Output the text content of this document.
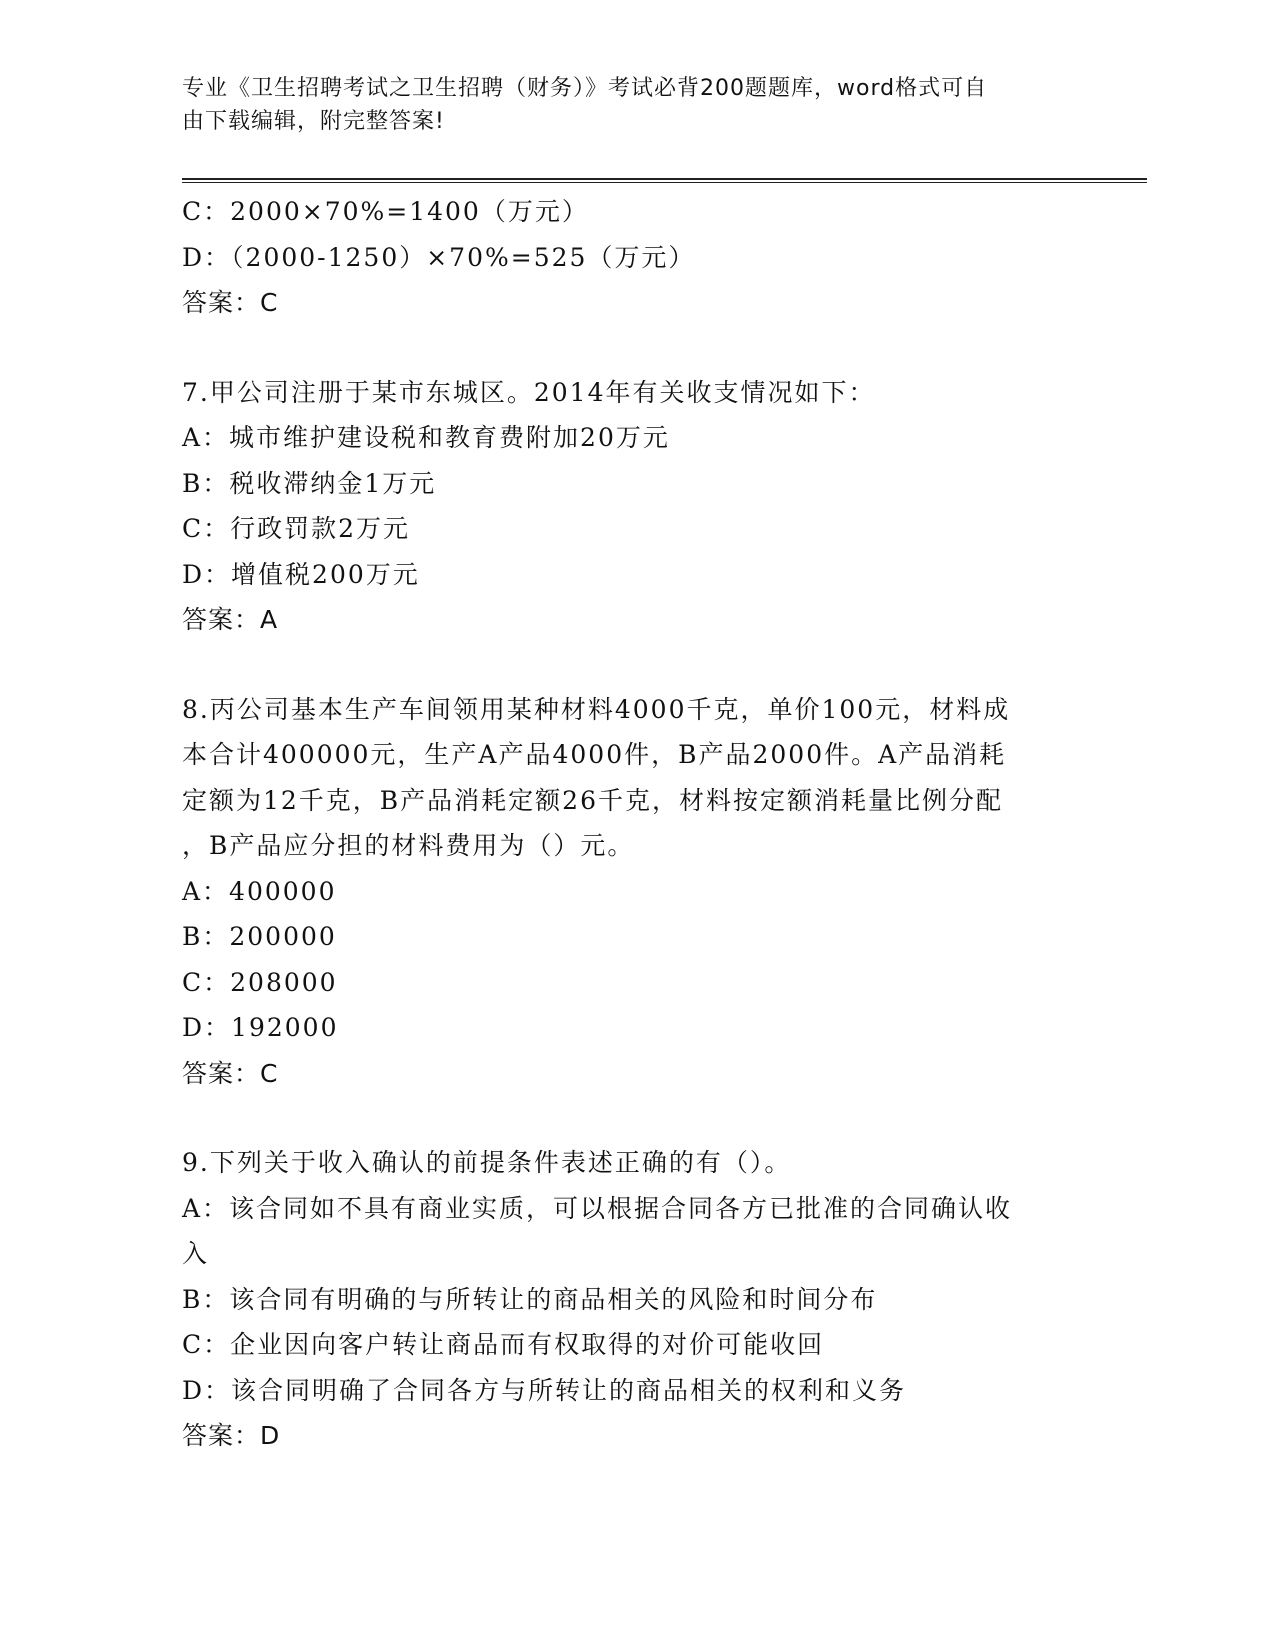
专业《卫生招聘考试之卫生招聘（财务）》考试必背200题题库，word格式可自
由下载编辑，附完整答案!
C：2000×70%=1400（万元）
D：（2000-1250）×70%=525（万元）
答案：C
7.甲公司注册于某市东城区。2014年有关收支情况如下：
A：城市维护建设税和教育费附加20万元
B：税收滞纳金1万元
C：行政罚款2万元
D：增值税200万元
答案：A
8.丙公司基本生产车间领用某种材料4000千克，单价100元，材料成
本合计400000元，生产A产品4000件，B产品2000件。A产品消耗
定额为12千克，B产品消耗定额26千克，材料按定额消耗量比例分配
，B产品应分担的材料费用为（）元。
A：400000
B：200000
C：208000
D：192000
答案：C
9.下列关于收入确认的前提条件表述正确的有（）。
A：该合同如不具有商业实质，可以根据合同各方已批准的合同确认收
入
B：该合同有明确的与所转让的商品相关的风险和时间分布
C：企业因向客户转让商品而有权取得的对价可能收回
D：该合同明确了合同各方与所转让的商品相关的权利和义务
答案：D
